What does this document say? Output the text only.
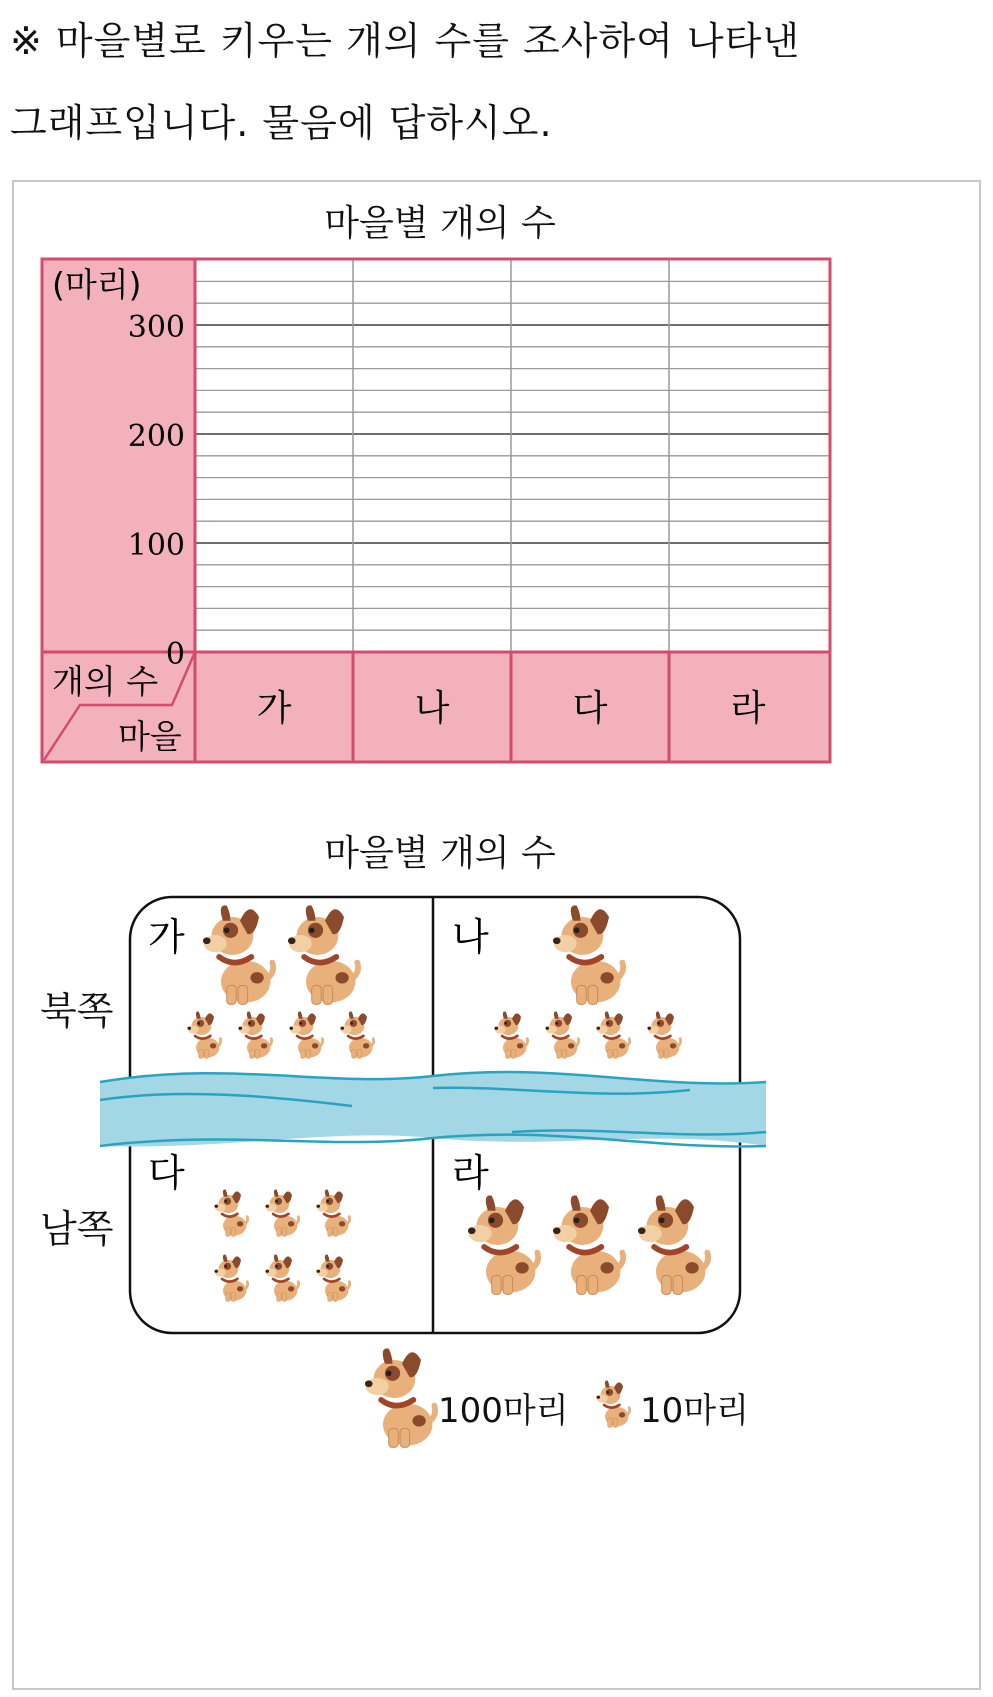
※ 마을별로 키우는 개의 수를 조사하여 나타낸
그래프입니다. 물음에 답하시오.
마을별 개의 수
마을별 개의 수
(마리)
300
200
100
0
개의 수
마을
가	나	다	라
가	나
다	라
북쪽
남쪽
100마리 10마리
